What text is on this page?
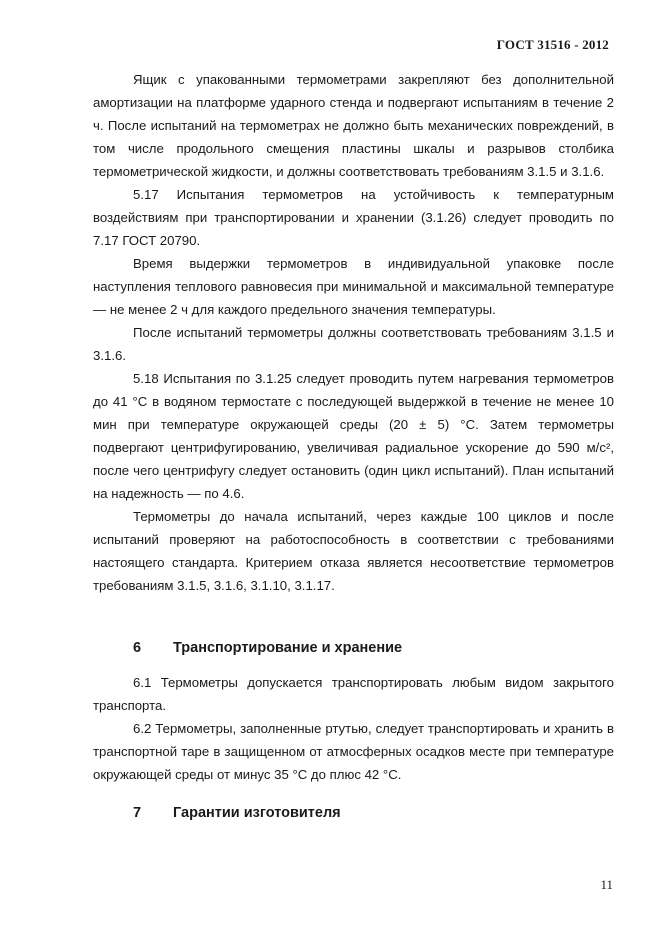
ГОСТ 31516 - 2012

Ящик с упакованными термометрами закрепляют без дополнительной амортизации на платформе ударного стенда и подвергают испытаниям в течение 2 ч. После испытаний на термометрах не должно быть механических повреждений, в том числе продольного смещения пластины шкалы и разрывов столбика термометрической жидкости, и должны соответствовать требованиям 3.1.5 и 3.1.6.

5.17 Испытания термометров на устойчивость к температурным воздействиям при транспортировании и хранении (3.1.26) следует проводить по 7.17 ГОСТ 20790.

Время выдержки термометров в индивидуальной упаковке после наступления теплового равновесия при минимальной и максимальной температуре — не менее 2 ч для каждого предельного значения температуры.

После испытаний термометры должны соответствовать требованиям 3.1.5 и 3.1.6.

5.18 Испытания по 3.1.25 следует проводить путем нагревания термометров до 41 °С в водяном термостате с последующей выдержкой в течение не менее 10 мин при температуре окружающей среды (20 ± 5) °С. Затем термометры подвергают центрифугированию, увеличивая радиальное ускорение до 590 м/с², после чего центрифугу следует остановить (один цикл испытаний). План испытаний на надежность — по 4.6.

Термометры до начала испытаний, через каждые 100 циклов и после испытаний проверяют на работоспособность в соответствии с требованиями настоящего стандарта. Критерием отказа является несоответствие термометров требованиям 3.1.5, 3.1.6, 3.1.10, 3.1.17.

6 Транспортирование и хранение

6.1 Термометры допускается транспортировать любым видом закрытого транспорта.

6.2 Термометры, заполненные ртутью, следует транспортировать и хранить в транспортной таре в защищенном от атмосферных осадков месте при температуре окружающей среды от минус 35 °С до плюс 42 °С.

7 Гарантии изготовителя
11
